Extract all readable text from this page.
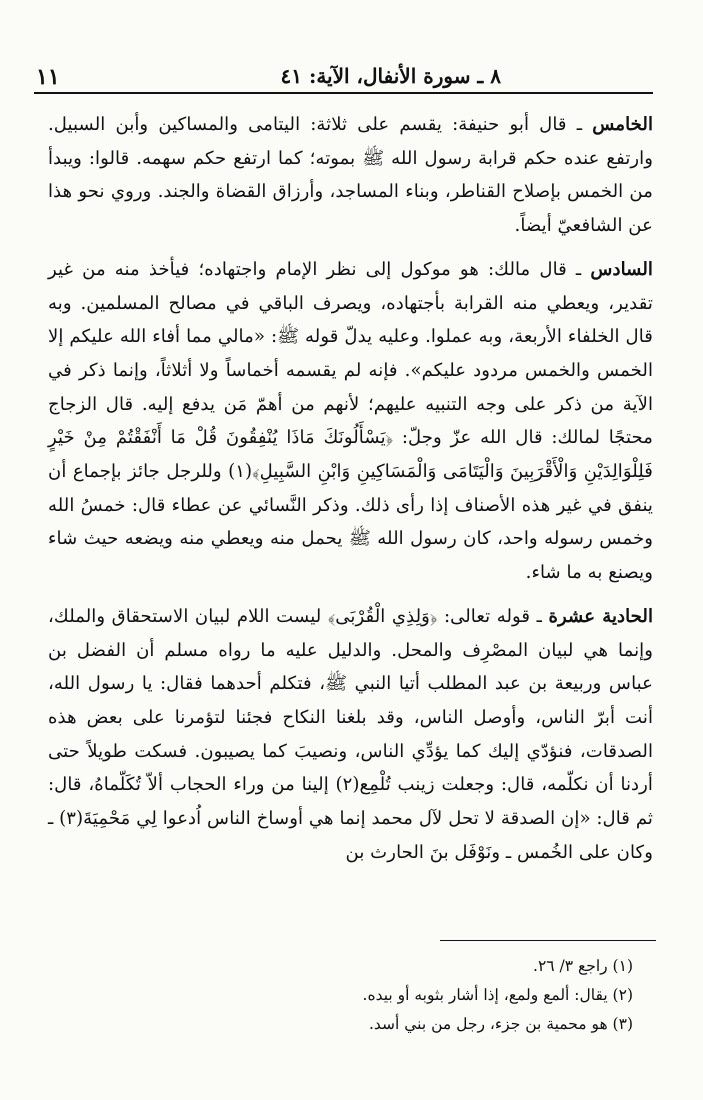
١١	٨ ـ سورة الأنفال، الآية: ٤١

الخامس ـ قال أبو حنيفة: يقسم على ثلاثة: اليتامى والمساكين وأبن السبيل. وارتفع عنده حكم قرابة رسول الله ﷺ بموته؛ كما ارتفع حكم سهمه. قالوا: ويبدأ من الخمس بإصلاح القناطر، وبناء المساجد، وأرزاق القضاة والجند. وروي نحو هذا عن الشافعيّ أيضاً.

السادس ـ قال مالك: هو موكول إلى نظر الإمام واجتهاده؛ فيأخذ منه من غير تقدير، ويعطي منه القرابة بأجتهاده، ويصرف الباقي في مصالح المسلمين. وبه قال الخلفاء الأربعة، وبه عملوا. وعليه يدلّ قوله ﷺ: «مالي مما أفاء الله عليكم إلا الخمس والخمس مردود عليكم». فإنه لم يقسمه أخماساً ولا أثلاثاً، وإنما ذكر في الآية من ذكر على وجه التنبيه عليهم؛ لأنهم من أهمّ مَن يدفع إليه. قال الزجاج محتجًا لمالك: قال الله عزّ وجلّ: ﴿يَسْأَلُونَكَ مَاذَا يُنْفِقُونَ قُلْ مَا أَنْفَقْتُمْ مِنْ خَيْرٍ فَلِلْوَالِدَيْنِ وَالْأَقْرَبِينَ وَالْيَتَامَى وَالْمَسَاكِينِ وَابْنِ السَّبِيلِ﴾(١) وللرجل جائز بإجماع أن ينفق في غير هذه الأصناف إذا رأى ذلك. وذكر النَّسائي عن عطاء قال: خمسُ الله وخمس رسوله واحد، كان رسول الله ﷺ يحمل منه ويعطي منه ويضعه حيث شاء ويصنع به ما شاء.

الحادية عشرة ـ قوله تعالى: ﴿وَلِذِي الْقُرْبَى﴾ ليست اللام لبيان الاستحقاق والملك، وإنما هي لبيان المصْرِف والمحل. والدليل عليه ما رواه مسلم أن الفضل بن عباس وربيعة بن عبد المطلب أتيا النبي ﷺ، فتكلم أحدهما فقال: يا رسول الله، أنت أبرّ الناس، وأوصل الناس، وقد بلغنا النكاح فجئنا لتؤمرنا على بعض هذه الصدقات، فنؤدّي إليك كما يؤدِّي الناس، ونصيبَ كما يصيبون. فسكت طويلاً حتى أردنا أن نكلّمه، قال: وجعلت زينب تُلْمِع(٢) إلينا من وراء الحجاب ألاّ تُكَلّماهُ، قال: ثم قال: «إن الصدقة لا تحل لآل محمد إنما هي أوساخ الناس اُدعوا لِي مَحْمِيَةَ(٣) ـ وكان على الخُمس ـ ونَوْفَل بنَ الحارث بن

(١) راجع ٣/ ٢٦.

(٢) يقال: ألمع ولمع، إذا أشار بثوبه أو بيده.

(٣) هو محمية بن جزء، رجل من بني أسد.
